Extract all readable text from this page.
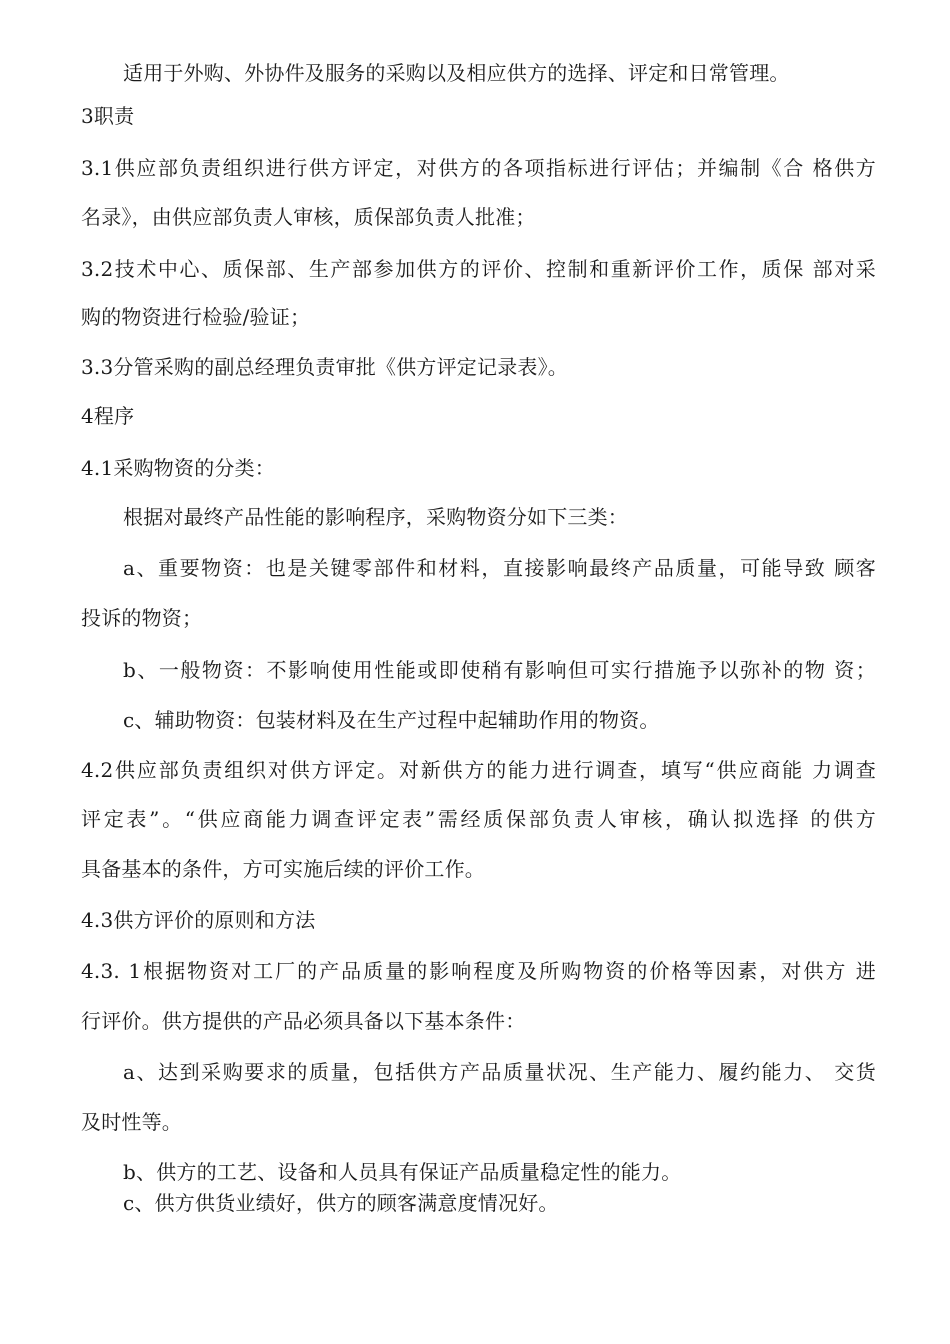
适用于外购、外协件及服务的采购以及相应供方的选择、评定和日常管理。
3职责
3.1供应部负责组织进行供方评定，对供方的各项指标进行评估；并编制《合 格供方
名录》，由供应部负责人审核，质保部负责人批准；
3.2技术中心、质保部、生产部参加供方的评价、控制和重新评价工作，质保 部对采
购的物资进行检验/验证；
3.3分管采购的副总经理负责审批《供方评定记录表》。
4程序
4.1采购物资的分类：
根据对最终产品性能的影响程序，采购物资分如下三类：
a、重要物资：也是关键零部件和材料，直接影响最终产品质量，可能导致 顾客
投诉的物资；
b、一般物资：不影响使用性能或即使稍有影响但可实行措施予以弥补的物 资；
c、辅助物资：包装材料及在生产过程中起辅助作用的物资。
4.2供应部负责组织对供方评定。对新供方的能力进行调查，填写“供应商能 力调查
评定表”。“供应商能力调查评定表”需经质保部负责人审核，确认拟选择 的供方
具备基本的条件，方可实施后续的评价工作。
4.3供方评价的原则和方法
4.3. 1根据物资对工厂的产品质量的影响程度及所购物资的价格等因素，对供方 进
行评价。供方提供的产品必须具备以下基本条件：
a、达到采购要求的质量，包括供方产品质量状况、生产能力、履约能力、 交货
及时性等。
b、供方的工艺、设备和人员具有保证产品质量稳定性的能力。
c、供方供货业绩好，供方的顾客满意度情况好。
